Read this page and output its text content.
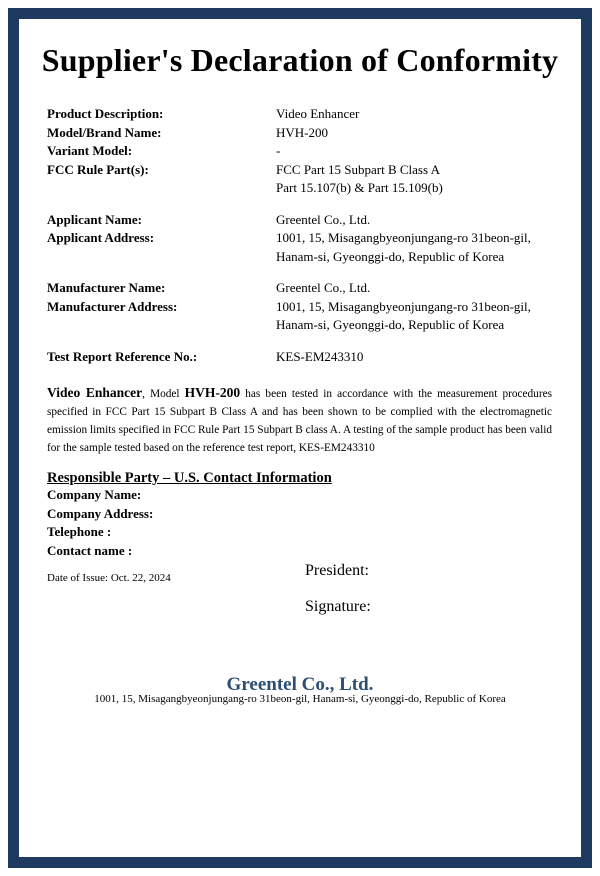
Supplier's Declaration of Conformity
Product Description:	Video Enhancer
Model/Brand Name:	HVH-200
Variant Model:	-
FCC Rule Part(s):	FCC Part 15 Subpart B Class A
Part 15.107(b) & Part 15.109(b)
Applicant Name:	Greentel Co., Ltd.
Applicant Address:	1001, 15, Misagangbyeonjungang-ro 31beon-gil,
Hanam-si, Gyeonggi-do, Republic of Korea
Manufacturer Name:	Greentel Co., Ltd.
Manufacturer Address:	1001, 15, Misagangbyeonjungang-ro 31beon-gil,
Hanam-si, Gyeonggi-do, Republic of Korea
Test Report Reference No.:	KES-EM243310

Video Enhancer, Model HVH-200 has been tested in accordance with the measurement procedures specified in FCC Part 15 Subpart B Class A and has been shown to be complied with the electromagnetic emission limits specified in FCC Rule Part 15 Subpart B class A. A testing of the sample product has been valid for the sample tested based on the reference test report, KES-EM243310

Responsible Party – U.S. Contact Information
Company Name:
Company Address:
Telephone :
Contact name :
Date of Issue: Oct. 22, 2024	President:
Signature:
Greentel Co., Ltd.
1001, 15, Misagangbyeonjungang-ro 31beon-gil, Hanam-si, Gyeonggi-do, Republic of Korea
